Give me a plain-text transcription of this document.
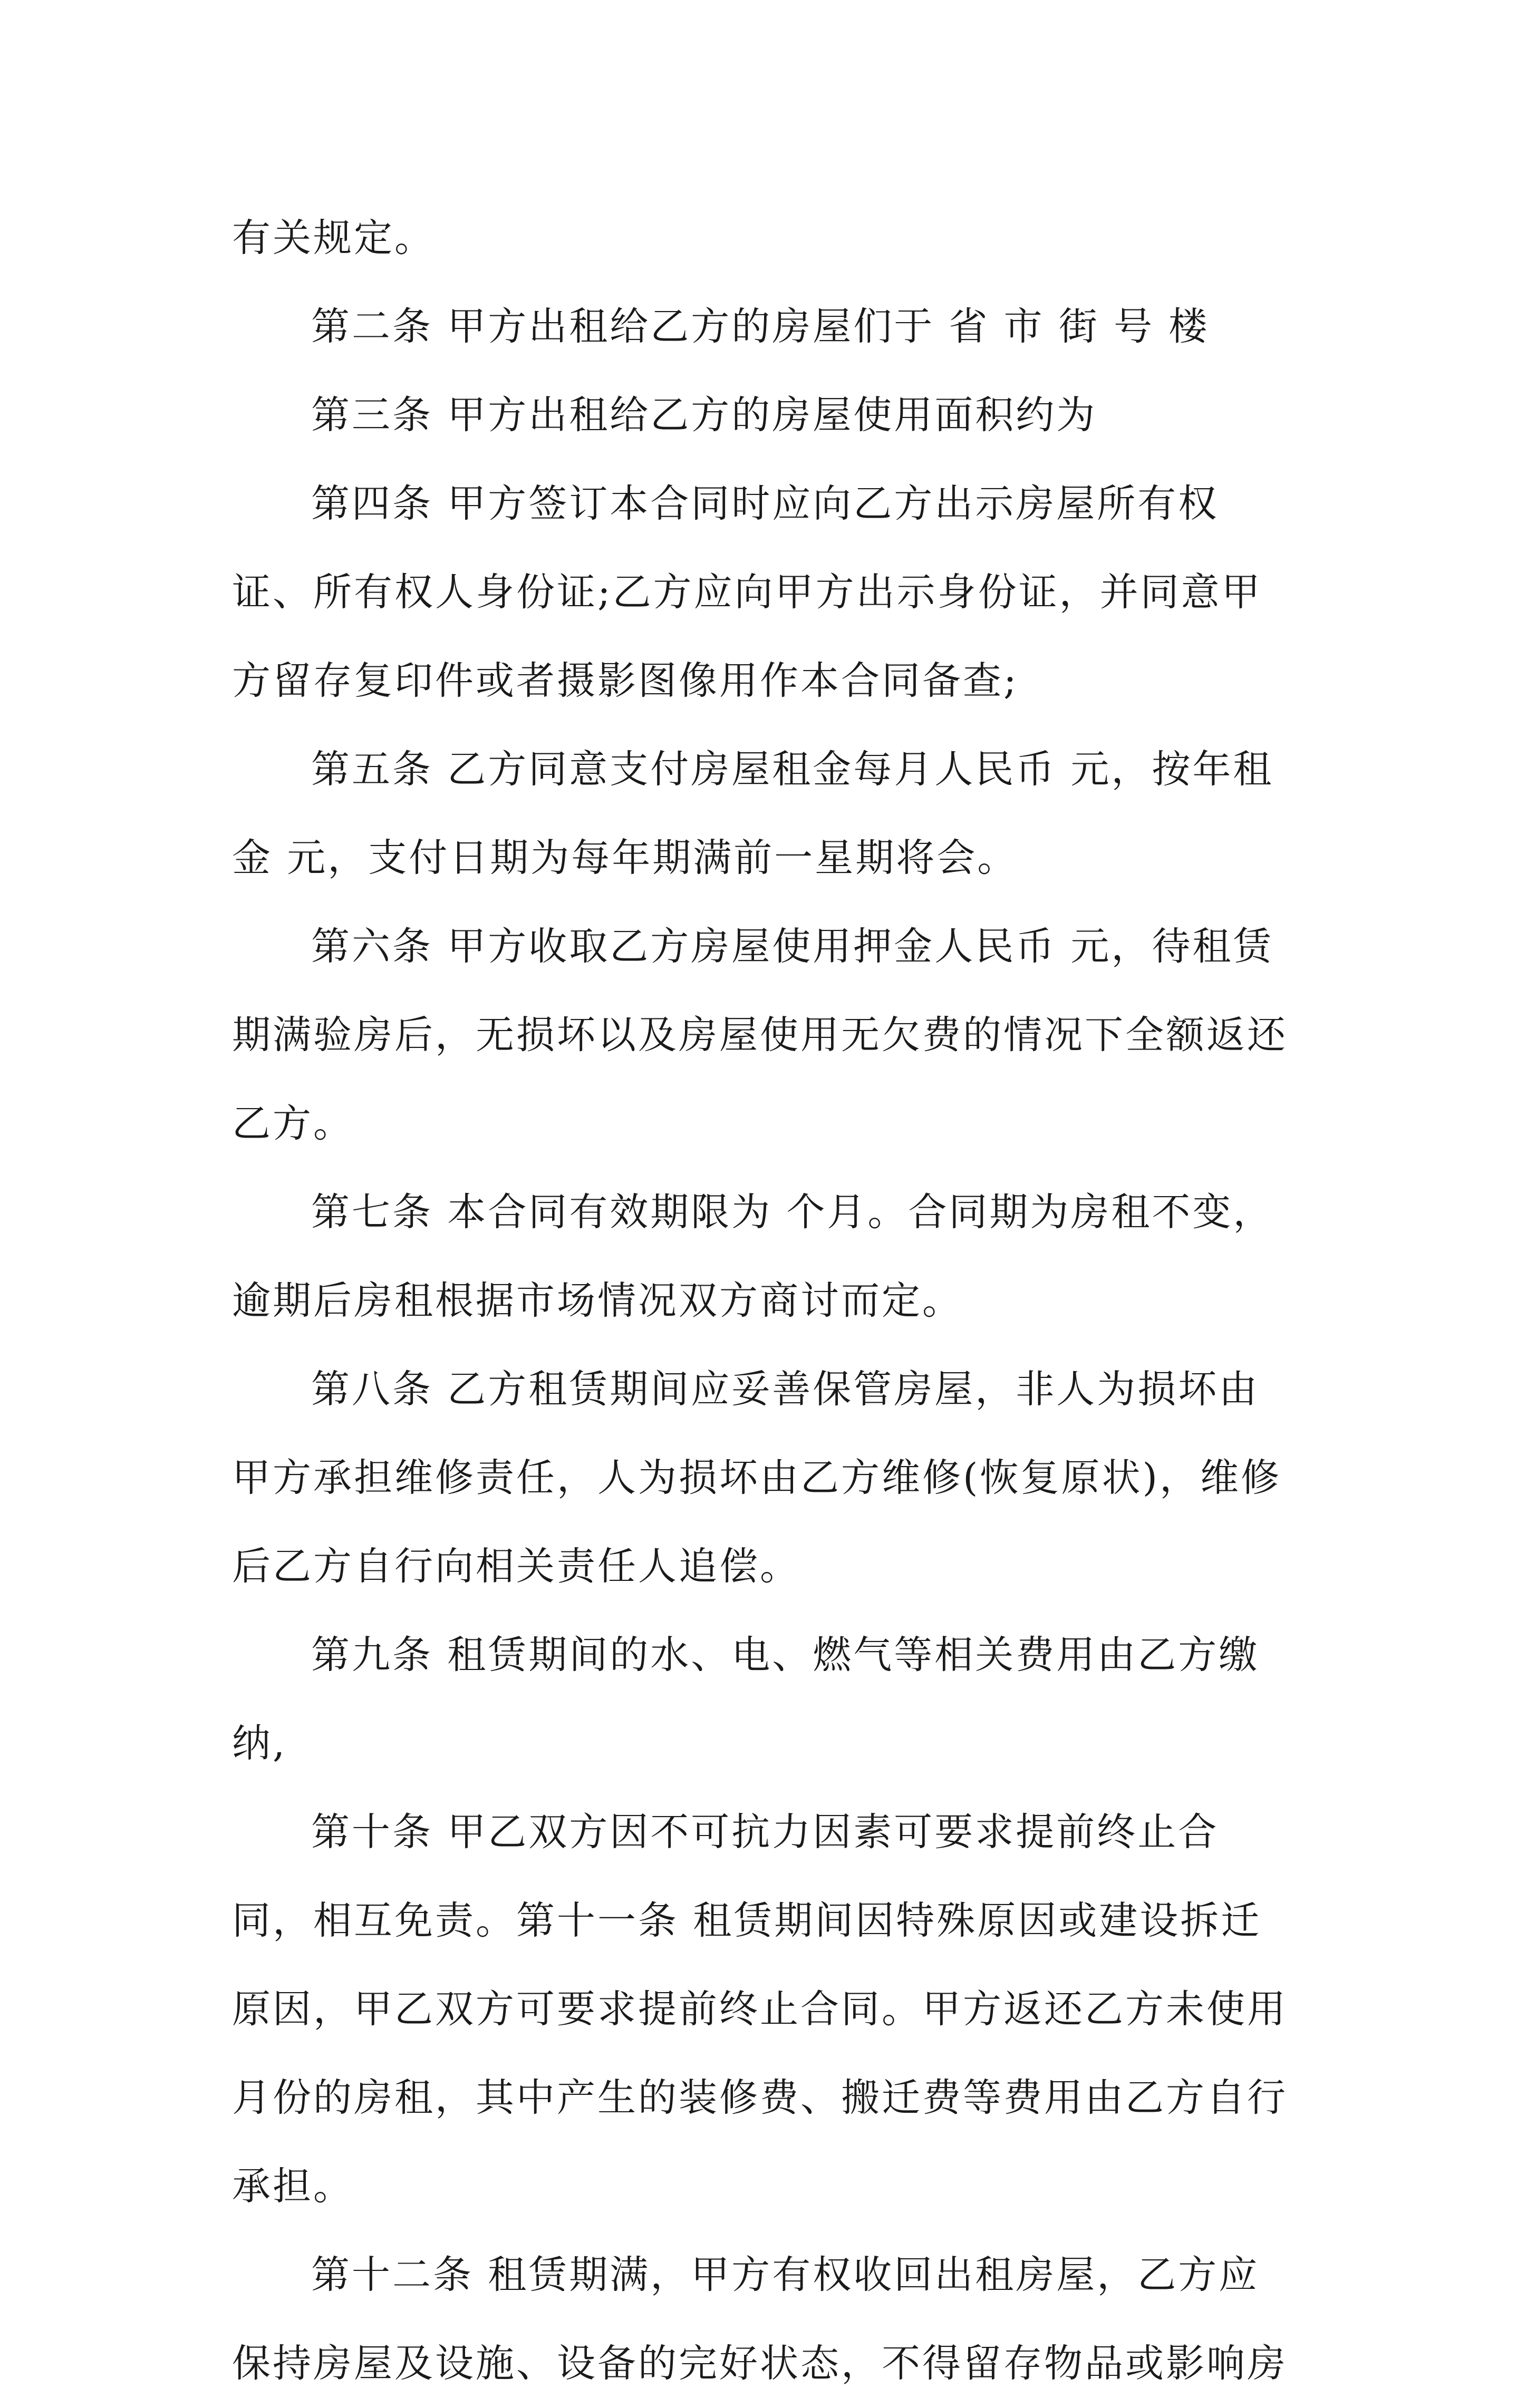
有关规定。

第二条 甲方出租给乙方的房屋们于 省 市 街 号 楼

第三条 甲方出租给乙方的房屋使用面积约为

第四条 甲方签订本合同时应向乙方出示房屋所有权证、所有权人身份证;乙方应向甲方出示身份证，并同意甲方留存复印件或者摄影图像用作本合同备查;

第五条 乙方同意支付房屋租金每月人民币 元，按年租金 元，支付日期为每年期满前一星期将会。

第六条 甲方收取乙方房屋使用押金人民币 元，待租赁期满验房后，无损坏以及房屋使用无欠费的情况下全额返还乙方。

第七条 本合同有效期限为 个月。合同期为房租不变，逾期后房租根据市场情况双方商讨而定。

第八条 乙方租赁期间应妥善保管房屋，非人为损坏由甲方承担维修责任，人为损坏由乙方维修(恢复原状)，维修后乙方自行向相关责任人追偿。

第九条 租赁期间的水、电、燃气等相关费用由乙方缴纳,

第十条 甲乙双方因不可抗力因素可要求提前终止合同，相互免责。第十一条 租赁期间因特殊原因或建设拆迁原因，甲乙双方可要求提前终止合同。甲方返还乙方未使用月份的房租，其中产生的装修费、搬迁费等费用由乙方自行承担。

第十二条 租赁期满，甲方有权收回出租房屋，乙方应保持房屋及设施、设备的完好状态，不得留存物品或影响房
